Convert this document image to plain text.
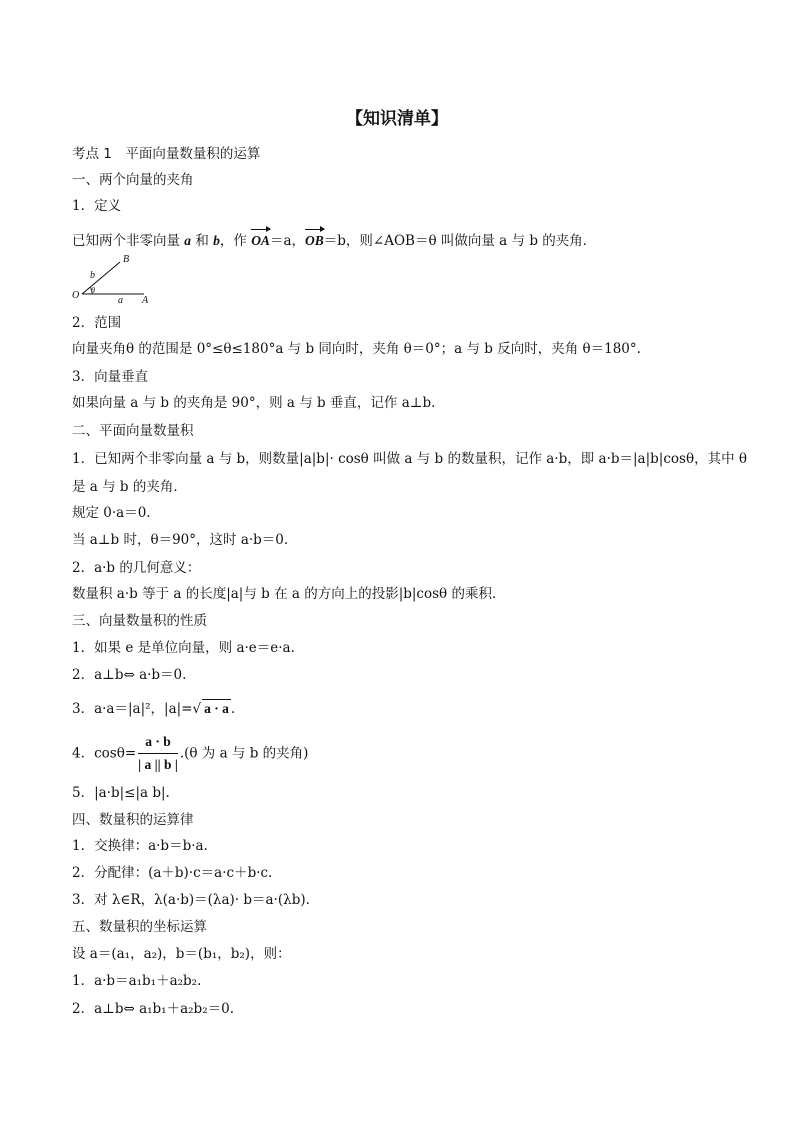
【知识清单】
考点 1　平面向量数量积的运算
一、两个向量的夹角
1．定义
已知两个非零向量 a 和 b，作 OA＝a，OB＝b，则∠AOB＝θ 叫做向量 a 与 b 的夹角．
B
b
O θ
a A
2．范围
向量夹角θ 的范围是 0°≤θ≤180°a 与 b 同向时，夹角 θ＝0°；a 与 b 反向时，夹角 θ＝180°.
3．向量垂直
如果向量 a 与 b 的夹角是 90°，则 a 与 b 垂直，记作 a⊥b.
二、平面向量数量积
1．已知两个非零向量 a 与 b，则数量|a|b|· cosθ 叫做 a 与 b 的数量积，记作 a·b，即 a·b＝|a|b|cosθ，其中 θ
是 a 与 b 的夹角．
规定 0·a＝0.
当 a⊥b 时，θ＝90°，这时 a·b＝0.
2．a·b 的几何意义：
数量积 a·b 等于 a 的长度|a|与 b 在 a 的方向上的投影|b|cosθ 的乘积．
三、向量数量积的性质
1．如果 e 是单位向量，则 a·e＝e·a.
2．a⊥b⇔ a·b＝0.
3．a·a＝|a|²，|a|=√ a · a .
4．$\cos\theta= \frac{a \cdot b}{| a || b |} .(\theta$ 为 a 与 b 的夹角)
5．|a·b|≤|a b|.
四、数量积的运算律
1．交换律：a·b＝b·a.
2．分配律：(a＋b)·c＝a·c＋b·c.
3．对 λ∈R，λ(a·b)＝(λa)· b＝a·(λb).
五、数量积的坐标运算
设 a＝(a₁，a₂)，b＝(b₁，b₂)，则：
1．a·b＝a₁b₁＋a₂b₂.
2．a⊥b⇔ a₁b₁＋a₂b₂＝0.
